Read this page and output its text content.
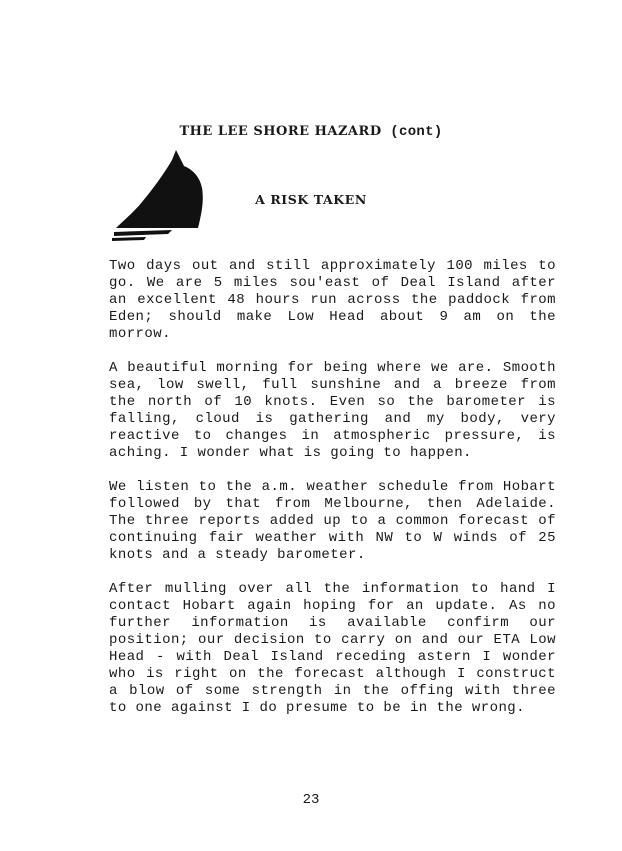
THE LEE SHORE HAZARD (cont)
A RISK TAKEN

Two days out and still approximately 100 miles to go. We are 5 miles sou'east of Deal Island after an excellent 48 hours run across the paddock from Eden; should make Low Head about 9 am on the morrow.

A beautiful morning for being where we are. Smooth sea, low swell, full sunshine and a breeze from the north of 10 knots. Even so the barometer is falling, cloud is gathering and my body, very reactive to changes in atmospheric pressure, is aching. I wonder what is going to happen.

We listen to the a.m. weather schedule from Hobart followed by that from Melbourne, then Adelaide. The three reports added up to a common forecast of continuing fair weather with NW to W winds of 25 knots and a steady barometer.

After mulling over all the information to hand I contact Hobart again hoping for an update. As no further information is available confirm our position; our decision to carry on and our ETA Low Head - with Deal Island receding astern I wonder who is right on the forecast although I construct a blow of some strength in the offing with three to one against I do presume to be in the wrong.

23
